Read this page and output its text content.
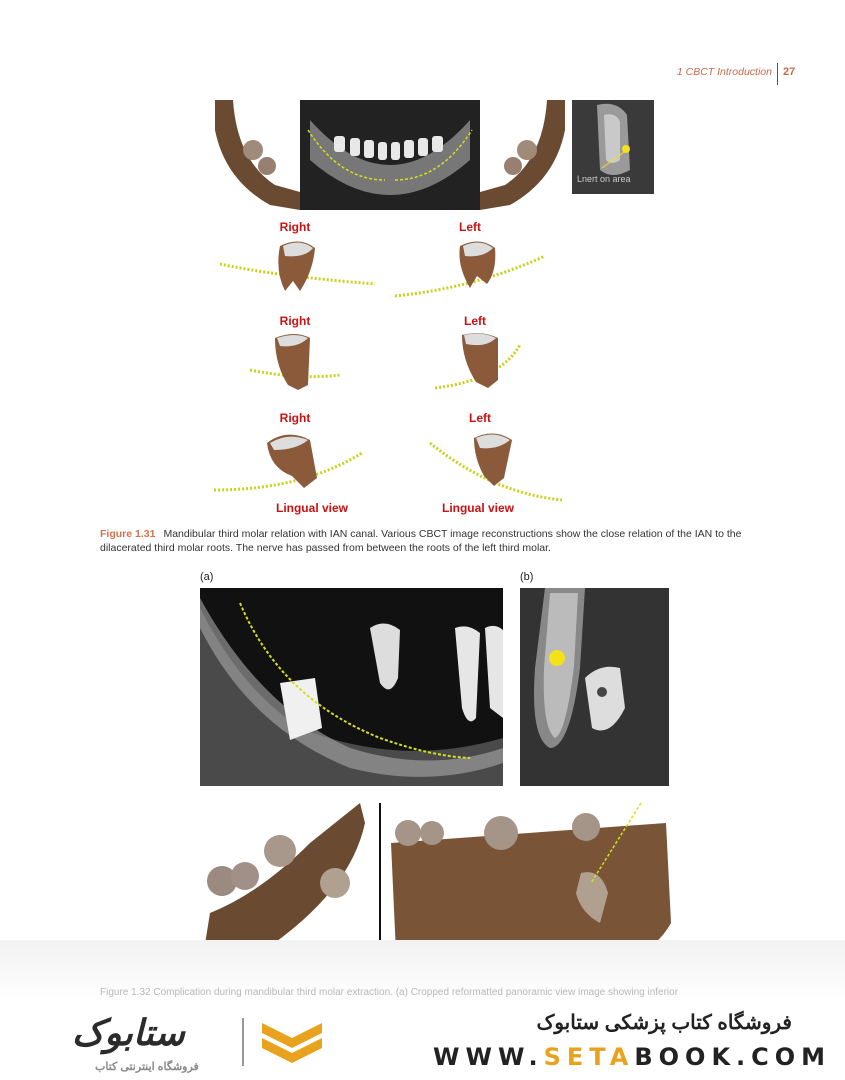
1 CBCT Introduction 27
Lnert on area
Right	Left
Right	Left
Right	Left
Lingual view	Lingual view
Figure 1.31 Mandibular third molar relation with IAN canal. Various CBCT image reconstructions show the close relation of the IAN to the dilacerated third molar roots. The nerve has passed from between the roots of the left third molar.
(a)	(b)
Figure 1.32 Complication during mandibular third molar extraction. (a) Cropped reformatted panoramic view image showing inferior
ستابوک
فروشگاه اینترنتی کتاب
فروشگاه کتاب پزشکی ستابوک
WWW.SETABOOK.COM
